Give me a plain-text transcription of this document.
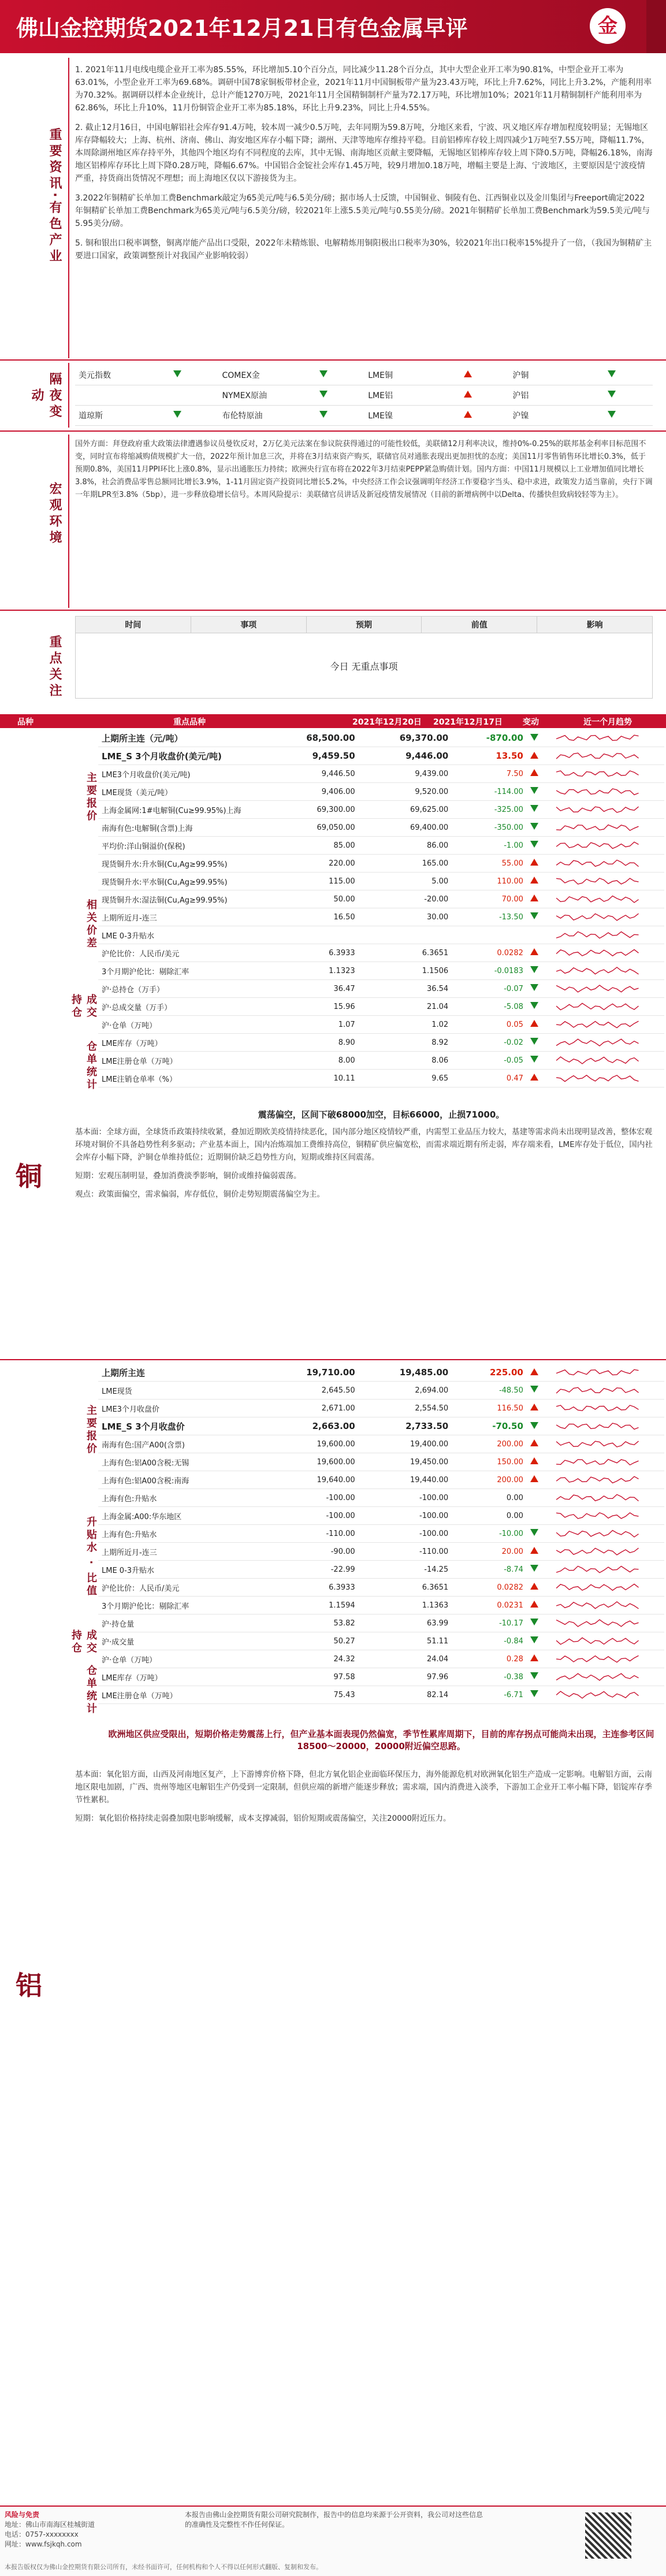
佛山金控期货2021年12月21日有色金属早评	金
重要资讯·有色产业

1. 2021年11月电线电缆企业开工率为85.55%，环比增加5.10个百分点，同比减少11.28个百分点，其中大型企业开工率为90.81%，中型企业开工率为63.01%，小型企业开工率为69.68%。调研中国78家铜板带材企业，2021年11月中国铜板带产量为23.43万吨，环比上升7.62%，同比上升3.2%，产能利用率为70.32%。据调研以样本企业统计，总计产能1270万吨，2021年11月全国精铜制杆产量为72.17万吨，环比增加10%；2021年11月精铜制杆产能利用率为62.86%，环比上升10%，11月份铜管企业开工率为85.18%，环比上升9.23%，同比上升4.55%。

2. 截止12月16日，中国电解铝社会库存91.4万吨，较本周一减少0.5万吨，去年同期为59.8万吨，分地区来看，宁波、巩义地区库存增加程度较明显；无锡地区库存降幅较大；上海、杭州、济南、佛山、海安地区库存小幅下降；湖州、天津等地库存维持平稳。目前铝棒库存较上周四减少1万吨至7.55万吨，降幅11.7%，本周除湖州地区库存持平外，其他四个地区均有不同程度的去库，其中无锡、南海地区贡献主要降幅，无锡地区铝棒库存较上周下降0.5万吨，降幅26.18%，南海地区铝棒库存环比上周下降0.28万吨，降幅6.67%。中国铝合金锭社会库存1.45万吨，较9月增加0.18万吨，增幅主要是上海、宁波地区，主要原因是宁波疫情严重，持货商出货情况不理想；而上海地区仅以下游接货为主。

3.2022年铜精矿长单加工费Benchmark敲定为65美元/吨与6.5美分/磅；据市场人士反馈，中国铜业、铜陵有色、江西铜业以及金川集团与Freeport确定2022年铜精矿长单加工费Benchmark为65美元/吨与6.5美分/磅，较2021年上涨5.5美元/吨与0.55美分/磅。2021年铜精矿长单加工费Benchmark为59.5美元/吨与5.95美分/磅。

5. 铜和银出口税率调整，铜离岸能产品出口受限，2022年未精炼银、电解精炼用铜阳极出口税率为30%，较2021年出口税率15%提升了一倍，（我国为铜精矿主要进口国家，政策调整预计对我国产业影响较弱）

隔夜变动
美元指数		COMEX金		LME铜		沪铜	
		NYMEX原油		LME铝		沪铝	
道琼斯		布伦特原油		LME镍		沪镍	
宏观环境
国外方面：拜登政府重大政策法律遭遇参议员曼钦反对，2万亿美元法案在参议院获得通过的可能性较低，美联储12月利率决议，维持0%-0.25%的联邦基金利率目标范围不变，同时宣布将缩减购债规模扩大一倍，2022年预计加息三次，并将在3月结束资产购买，联储官员对通胀表现出更加担忧的态度；美国11月零售销售环比增长0.3%，低于预期0.8%，美国11月PPI环比上涨0.8%，显示出通胀压力持续；欧洲央行宣布将在2022年3月结束PEPP紧急购债计划。国内方面：中国11月规模以上工业增加值同比增长3.8%，社会消费品零售总额同比增长3.9%，1-11月固定资产投资同比增长5.2%，中央经济工作会议强调明年经济工作要稳字当头、稳中求进，政策发力适当靠前，央行下调一年期LPR至3.8%（5bp），进一步释放稳增长信号。本周风险提示：美联储官员讲话及新冠疫情发展情况（目前的新增病例中以Delta、传播快但致病较轻等为主）。
重点关注
时间	事项	预期	前值	影响
今日 无重点事项
品种	重点品种	2021年12月20日 2021年12月17日	变动	近一个月趋势
铜
主要报价
相关价差
成交持仓
仓单统计
上期所主连（元/吨）	68,500.00	69,370.00	-870.00		

LME_S 3个月收盘价(美元/吨)	9,459.50	9,446.00	13.50		

LME3个月收盘价(美元/吨)	9,446.50	9,439.00	7.50		

LME现货（美元/吨）	9,406.00	9,520.00	-114.00		

上海金属网:1#电解铜(Cu≥99.95%)上海	69,300.00	69,625.00	-325.00		

南海有色:电解铜(含票)上海	69,050.00	69,400.00	-350.00		

平均价:洋山铜溢价(保税)	85.00	86.00	-1.00		

现货铜升水:升水铜(Cu,Ag≥99.95%)	220.00	165.00	55.00		

现货铜升水:平水铜(Cu,Ag≥99.95%)	115.00	5.00	110.00		

现货铜升水:湿法铜(Cu,Ag≥99.95%)	50.00	-20.00	70.00		

上期所近月-连三	16.50	30.00	-13.50		

LME 0-3升贴水					

沪伦比价：人民币/美元	6.3933	6.3651	0.0282		

3个月期沪伦比：剔除汇率	1.1323	1.1506	-0.0183		

沪·总持仓（万手）	36.47	36.54	-0.07		

沪·总成交量（万手）	15.96	21.04	-5.08		

沪·仓单（万吨）	1.07	1.02	0.05		

LME库存（万吨）	8.90	8.92	-0.02		

LME注册仓单（万吨）	8.00	8.06	-0.05		

LME注销仓单率（%）	10.11	9.65	0.47		
震荡偏空，区间下破68000加空，目标66000，止损71000。

基本面：全球方面，全球货币政策持续收紧，叠加近期欧美疫情持续恶化，国内部分地区疫情较严重，内需型工业品压力较大，基建等需求尚未出现明显改善，整体宏观环境对铜价不具备趋势性利多驱动；产业基本面上，国内冶炼端加工费维持高位，铜精矿供应偏宽松，而需求端近期有所走弱，库存端来看，LME库存处于低位，国内社会库存小幅下降，沪铜仓单维持低位；近期铜价缺乏趋势性方向，短期或维持区间震荡。

短期：宏观压制明显，叠加消费淡季影响，铜价或维持偏弱震荡。

观点：政策面偏空，需求偏弱，库存低位，铜价走势短期震荡偏空为主。

铝
主要报价
升贴水 · 比值
成交持仓
仓单统计
上期所主连	19,710.00	19,485.00	225.00		

LME现货	2,645.50	2,694.00	-48.50		

LME3个月收盘价	2,671.00	2,554.50	116.50		

LME_S 3个月收盘价	2,663.00	2,733.50	-70.50		

南海有色:国产A00(含票)	19,600.00	19,400.00	200.00		

上海有色:铝A00含税:无锡	19,600.00	19,450.00	150.00		

上海有色:铝A00含税:南海	19,640.00	19,440.00	200.00		

上海有色:升贴水	-100.00	-100.00	0.00		

上海金属:A00:华东地区	-100.00	-100.00	0.00		

上海有色:升贴水	-110.00	-100.00	-10.00		

上期所近月-连三	-90.00	-110.00	20.00		

LME 0-3升贴水	-22.99	-14.25	-8.74		

沪伦比价：人民币/美元	6.3933	6.3651	0.0282		

3个月期沪伦比：剔除汇率	1.1594	1.1363	0.0231		

沪·持仓量	53.82	63.99	-10.17		

沪·成交量	50.27	51.11	-0.84		

沪·仓单（万吨）	24.32	24.04	0.28		

LME库存（万吨）	97.58	97.96	-0.38		

LME注册仓单（万吨）	75.43	82.14	-6.71		
欧洲地区供应受限出，短期价格走势震荡上行，但产业基本面表现仍然偏宽，季节性累库周期下，目前的库存拐点可能尚未出现，主连参考区间18500～20000，20000附近偏空思路。

基本面：氧化铝方面，山西及河南地区复产，上下游博弈价格下降，但北方氧化铝企业面临环保压力，海外能源危机对欧洲氧化铝生产造成一定影响。电解铝方面，云南地区限电加剧，广西、贵州等地区电解铝生产仍受到一定限制，但供应端的新增产能逐步释放；需求端，国内消费进入淡季，下游加工企业开工率小幅下降，铝锭库存季节性累积。

短期：氧化铝价格持续走弱叠加限电影响缓解，成本支撑减弱，铝价短期或震荡偏空，关注20000附近压力。

风险与免责
地址：佛山市南海区桂城街道
电话：0757-xxxxxxxx
网址：www.fsjkqh.com
本报告由佛山金控期货有限公司研究院制作，报告中的信息均来源于公开资料，我公司对这些信息的准确性及完整性不作任何保证。
本报告版权仅为佛山金控期货有限公司所有，未经书面许可，任何机构和个人不得以任何形式翻版、复制和发布。
